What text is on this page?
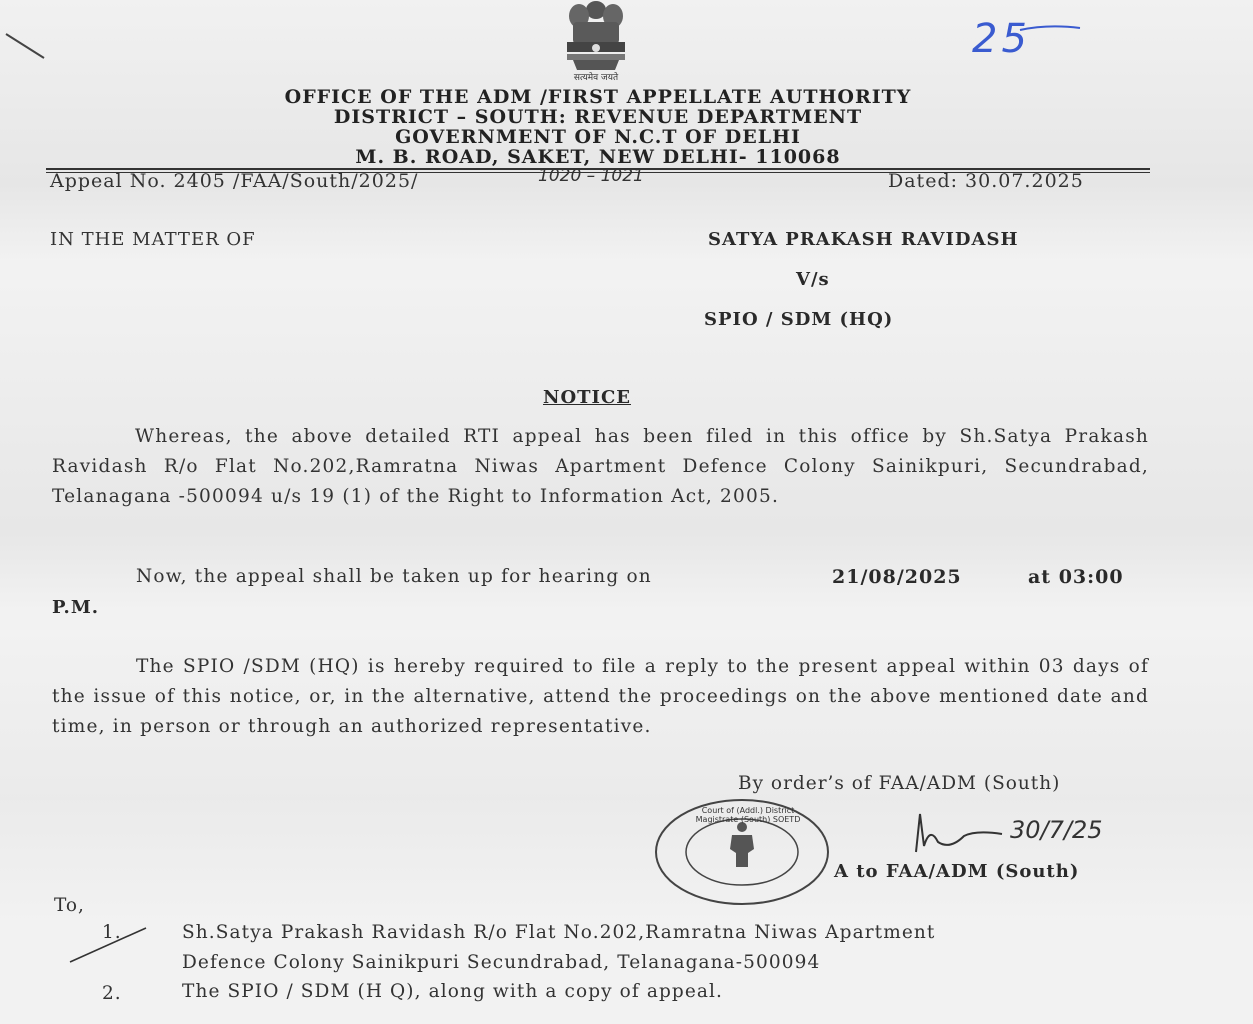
सत्यमेव जयते
25
OFFICE OF THE ADM /FIRST APPELLATE AUTHORITY
DISTRICT – SOUTH: REVENUE DEPARTMENT
GOVERNMENT OF N.C.T OF DELHI
M. B. ROAD, SAKET, NEW DELHI- 110068
Appeal No. 2405 /FAA/South/2025/	1020 – 1021	Dated: 30.07.2025
IN THE MATTER OF	SATYA PRAKASH RAVIDASH
V/s
SPIO / SDM (HQ)
NOTICE
Whereas, the above detailed RTI appeal has been filed in this office by Sh.Satya Prakash Ravidash R/o Flat No.202,Ramratna Niwas Apartment Defence Colony Sainikpuri, Secundrabad, Telanagana -500094 u/s 19 (1) of the Right to Information Act, 2005.
Now, the appeal shall be taken up for hearing on	21/08/2025	at 03:00
P.M.
The SPIO /SDM (HQ) is hereby required to file a reply to the present appeal within 03 days of the issue of this notice, or, in the alternative, attend the proceedings on the above mentioned date and time, in person or through an authorized representative.
By order’s of FAA/ADM (South)
Court of (Addl.) District Magistrate (South) SOETD	30/7/25
A to FAA/ADM (South)
To,
1.	Sh.Satya Prakash Ravidash R/o Flat No.202,Ramratna Niwas Apartment
Defence Colony Sainikpuri Secundrabad, Telanagana-500094
2.	The SPIO / SDM (H Q), along with a copy of appeal.
